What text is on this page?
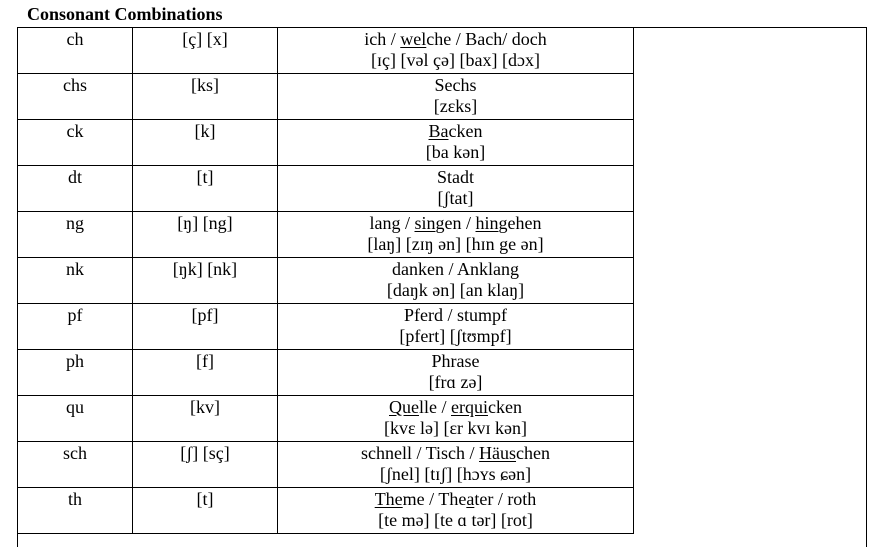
Consonant Combinations
ch	[ç] [x]	ich / welche / Bach/ doch
[ɪç] [vəl çə] [bax] [dɔx]

chs	[ks]	Sechs
[zɛks]

ck	[k]	Backen
[ba kən]

dt	[t]	Stadt
[ʃtat]

ng	[ŋ] [ng]	lang / singen / hingehen
[laŋ] [zɪŋ ən] [hɪn ge ən]

nk	[ŋk] [nk]	danken / Anklang
[daŋk ən] [an klaŋ]

pf	[pf]	Pferd / stumpf
[pfert] [ʃtʊmpf]

ph	[f]	Phrase
[frɑ zə]

qu	[kv]	Quelle / erquicken
[kvɛ lə] [ɛr kvɪ kən]

sch	[ʃ] [sç]	schnell / Tisch / Häuschen
[ʃnel] [tɪʃ] [hɔʏs ɕən]

th	[t]	Theme / Theater / roth
[te mə] [te ɑ tər] [rot]
